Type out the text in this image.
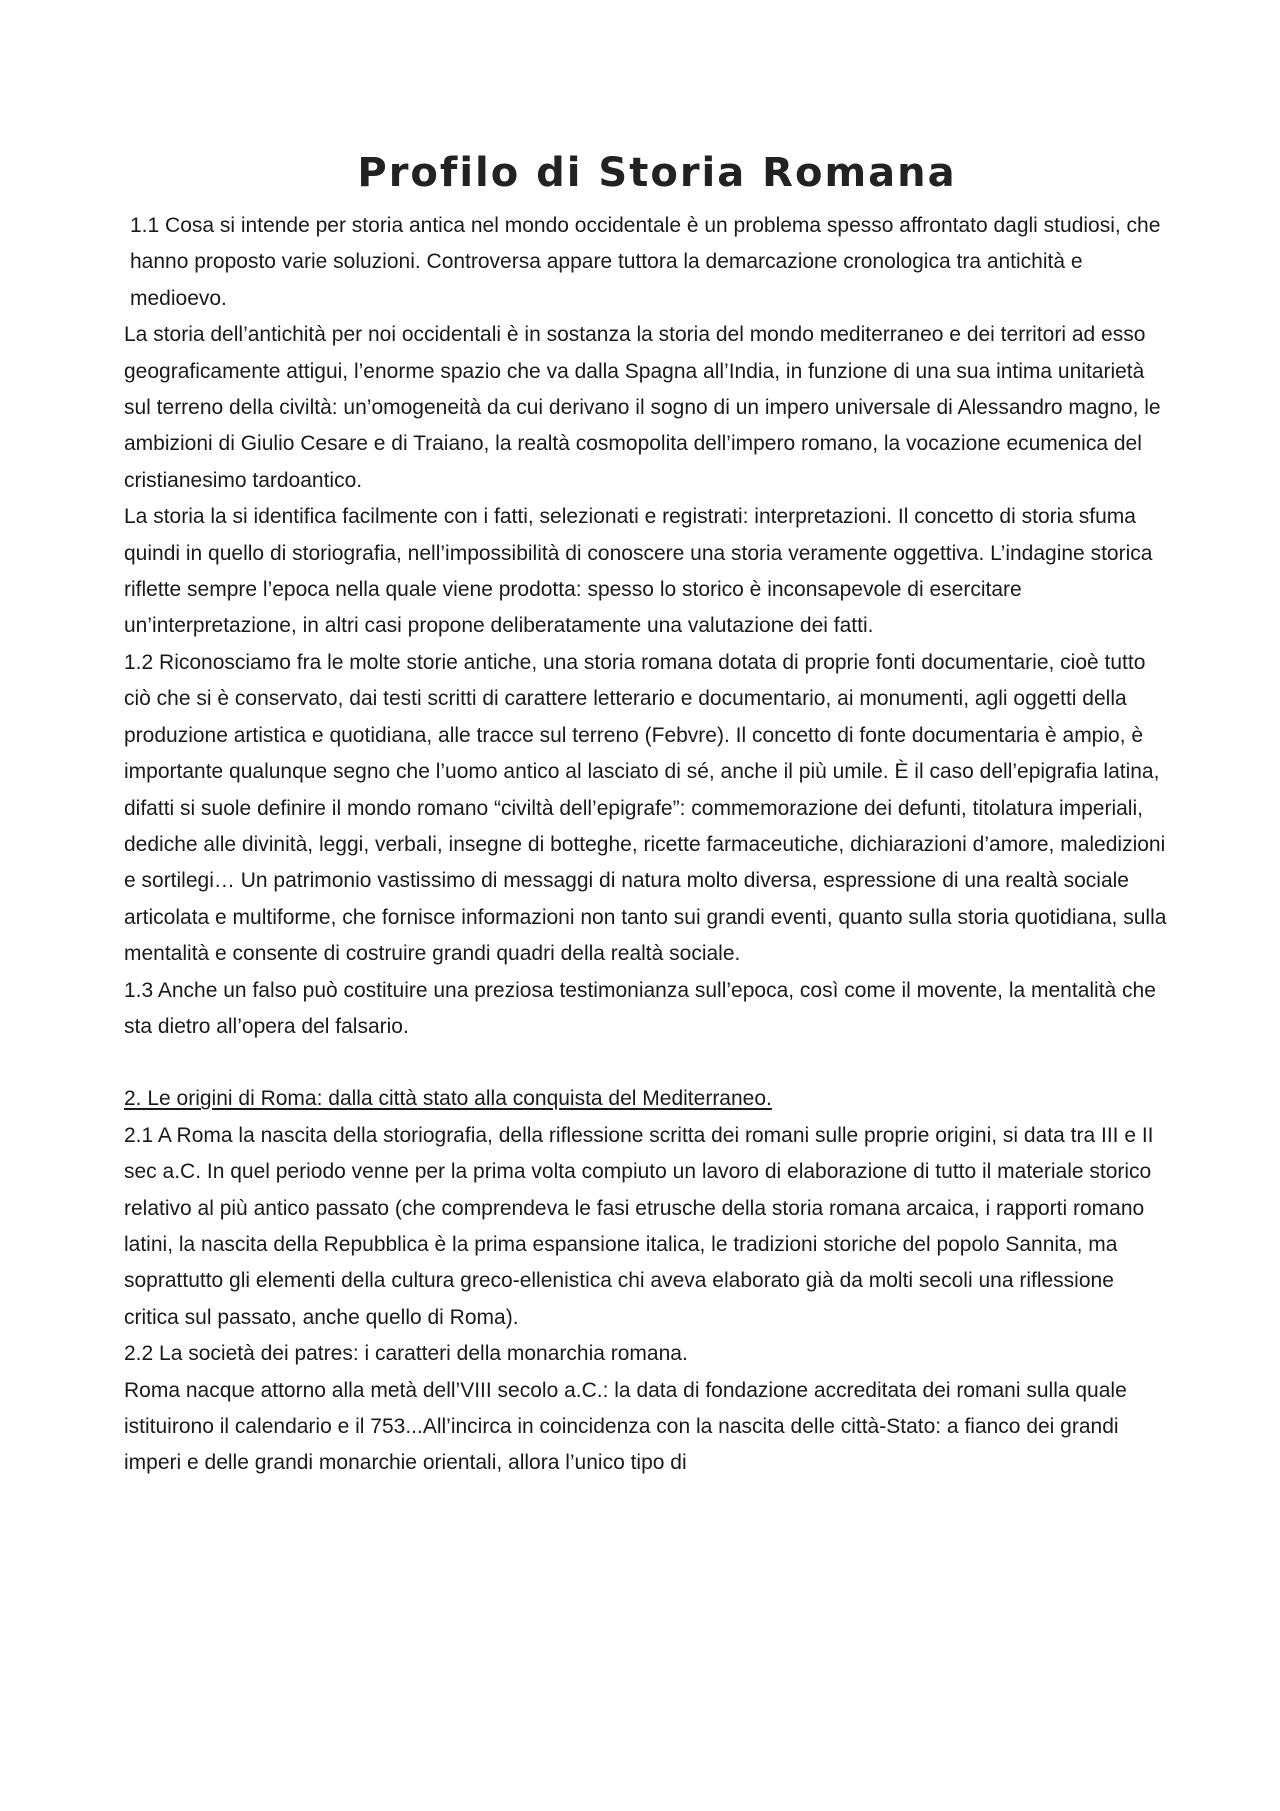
Profilo di Storia Romana

1.1 Cosa si intende per storia antica nel mondo occidentale è un problema spesso affrontato dagli studiosi, che hanno proposto varie soluzioni. Controversa appare tuttora la demarcazione cronologica tra antichità e medioevo.

La storia dell’antichità per noi occidentali è in sostanza la storia del mondo mediterraneo e dei territori ad esso geograficamente attigui, l’enorme spazio che va dalla Spagna all’India, in funzione di una sua intima unitarietà sul terreno della civiltà: un’omogeneità da cui derivano il sogno di un impero universale di Alessandro magno, le ambizioni di Giulio Cesare e di Traiano, la realtà cosmopolita dell’impero romano, la vocazione ecumenica del cristianesimo tardoantico.

La storia la si identifica facilmente con i fatti, selezionati e registrati: interpretazioni. Il concetto di storia sfuma quindi in quello di storiografia, nell’impossibilità di conoscere una storia veramente oggettiva. L’indagine storica riflette sempre l’epoca nella quale viene prodotta: spesso lo storico è inconsapevole di esercitare un’interpretazione, in altri casi propone deliberatamente una valutazione dei fatti.

1.2 Riconosciamo fra le molte storie antiche, una storia romana dotata di proprie fonti documentarie, cioè tutto ciò che si è conservato, dai testi scritti di carattere letterario e documentario, ai monumenti, agli oggetti della produzione artistica e quotidiana, alle tracce sul terreno (Febvre). Il concetto di fonte documentaria è ampio, è importante qualunque segno che l’uomo antico al lasciato di sé, anche il più umile. È il caso dell’epigrafia latina, difatti si suole definire il mondo romano “civiltà dell’epigrafe”: commemorazione dei defunti, titolatura imperiali, dediche alle divinità, leggi, verbali, insegne di botteghe, ricette farmaceutiche, dichiarazioni d’amore, maledizioni e sortilegi… Un patrimonio vastissimo di messaggi di natura molto diversa, espressione di una realtà sociale articolata e multiforme, che fornisce informazioni non tanto sui grandi eventi, quanto sulla storia quotidiana, sulla mentalità e consente di costruire grandi quadri della realtà sociale.

1.3 Anche un falso può costituire una preziosa testimonianza sull’epoca, così come il movente, la mentalità che sta dietro all’opera del falsario.

2. Le origini di Roma: dalla città stato alla conquista del Mediterraneo.

2.1 A Roma la nascita della storiografia, della riflessione scritta dei romani sulle proprie origini, si data tra III e II sec a.C. In quel periodo venne per la prima volta compiuto un lavoro di elaborazione di tutto il materiale storico relativo al più antico passato (che comprendeva le fasi etrusche della storia romana arcaica, i rapporti romano latini, la nascita della Repubblica è la prima espansione italica, le tradizioni storiche del popolo Sannita, ma soprattutto gli elementi della cultura greco-ellenistica chi aveva elaborato già da molti secoli una riflessione critica sul passato, anche quello di Roma).

2.2 La società dei patres: i caratteri della monarchia romana.

Roma nacque attorno alla metà dell’VIII secolo a.C.: la data di fondazione accreditata dei romani sulla quale istituirono il calendario e il 753...All’incirca in coincidenza con la nascita delle città-Stato: a fianco dei grandi imperi e delle grandi monarchie orientali, allora l’unico tipo di
